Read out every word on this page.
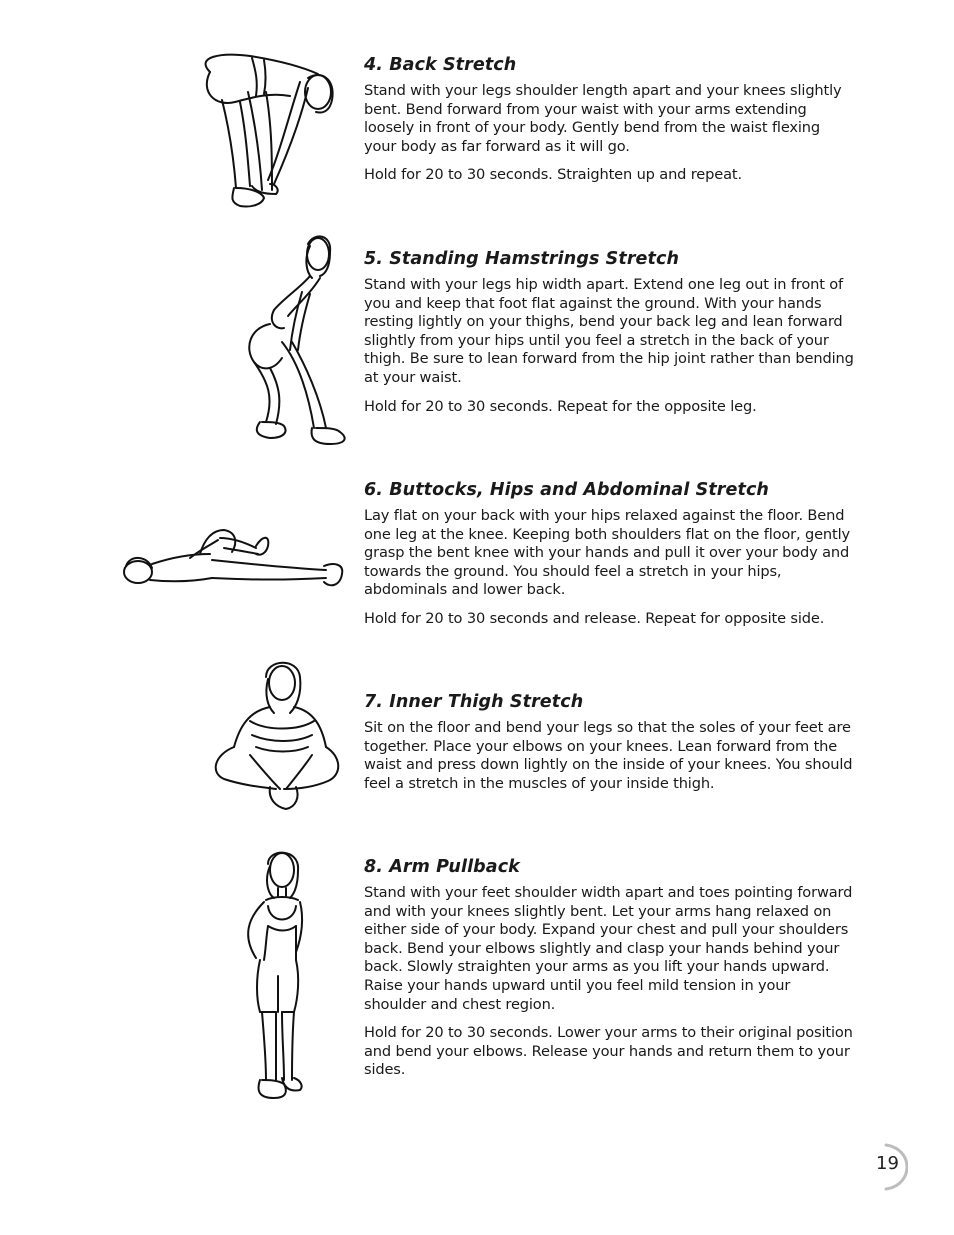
4. Back Stretch

Stand with your legs shoulder length apart and your knees slightly bent. Bend forward from your waist with your arms extending loosely in front of your body. Gently bend from the waist flexing your body as far forward as it will go.

Hold for 20 to 30 seconds. Straighten up and repeat.

5. Standing Hamstrings Stretch

Stand with your legs hip width apart. Extend one leg out in front of you and keep that foot flat against the ground. With your hands resting lightly on your thighs, bend your back leg and lean forward slightly from your hips until you feel a stretch in the back of your thigh. Be sure to lean forward from the hip joint rather than bending at your waist.

Hold for 20 to 30 seconds. Repeat for the opposite leg.

6. Buttocks, Hips and Abdominal Stretch

Lay flat on your back with your hips relaxed against the floor. Bend one leg at the knee. Keeping both shoulders flat on the floor, gently grasp the bent knee with your hands and pull it over your body and towards the ground. You should feel a stretch in your hips, abdominals and lower back.

Hold for 20 to 30 seconds and release. Repeat for opposite side.

7. Inner Thigh Stretch

Sit on the floor and bend your legs so that the soles of your feet are together. Place your elbows on your knees. Lean forward from the waist and press down lightly on the inside of your knees. You should feel a stretch in the muscles of your inside thigh.

8. Arm Pullback

Stand with your feet shoulder width apart and toes pointing forward and with your knees slightly bent. Let your arms hang relaxed on either side of your body. Expand your chest and pull your shoulders back. Bend your elbows slightly and clasp your hands behind your back. Slowly straighten your arms as you lift your hands upward. Raise your hands upward until you feel mild tension in your shoulder and chest region.

Hold for 20 to 30 seconds. Lower your arms to their original position and bend your elbows. Release your hands and return them to your sides.

19
